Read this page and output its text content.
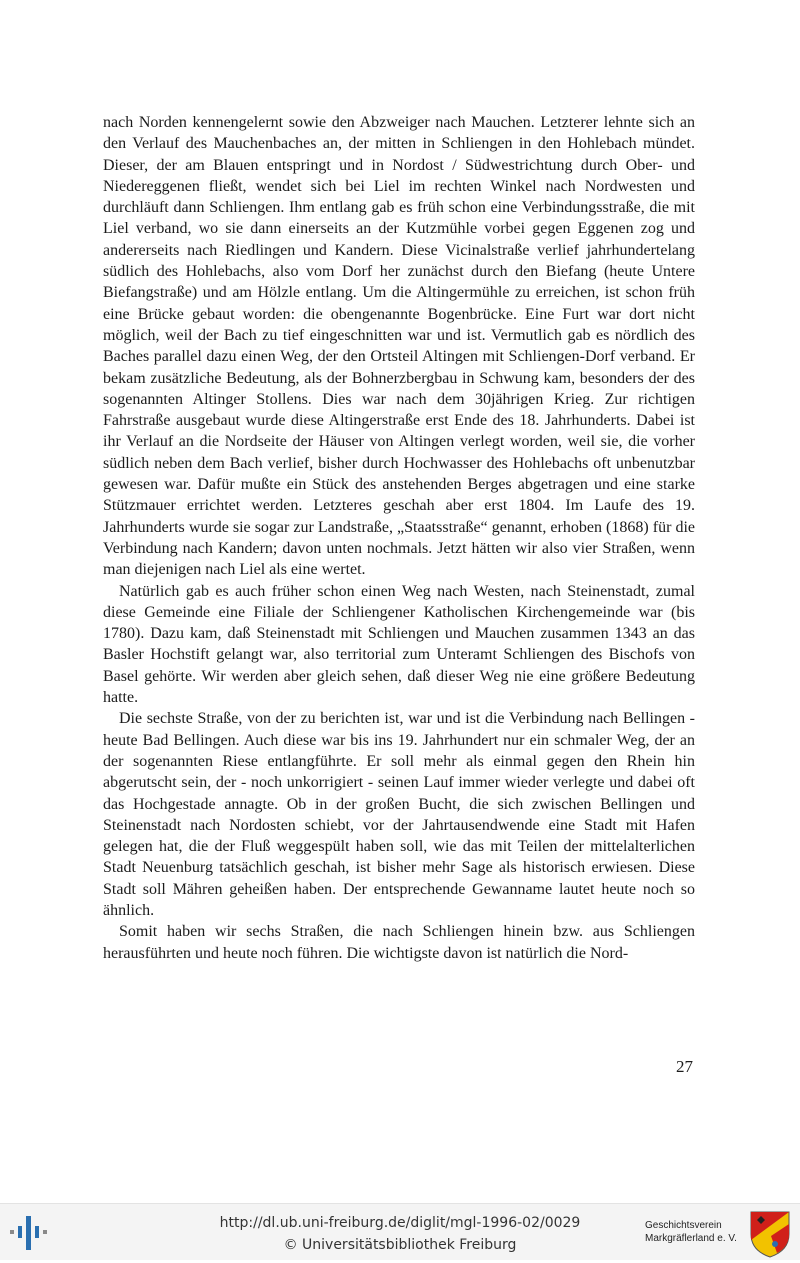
nach Norden kennengelernt sowie den Abzweiger nach Mauchen. Letzterer lehnte sich an den Verlauf des Mauchenbaches an, der mitten in Schliengen in den Hohlebach mündet. Dieser, der am Blauen entspringt und in Nordost / Südwestrichtung durch Ober- und Niedereggenen fließt, wendet sich bei Liel im rechten Winkel nach Nordwesten und durchläuft dann Schliengen. Ihm entlang gab es früh schon eine Verbindungsstraße, die mit Liel verband, wo sie dann einerseits an der Kutzmühle vorbei gegen Eggenen zog und andererseits nach Riedlingen und Kandern. Diese Vicinalstraße verlief jahrhundertelang südlich des Hohlebachs, also vom Dorf her zunächst durch den Biefang (heute Untere Biefangstraße) und am Hölzle entlang. Um die Altingermühle zu erreichen, ist schon früh eine Brücke gebaut worden: die obengenannte Bogenbrücke. Eine Furt war dort nicht möglich, weil der Bach zu tief eingeschnitten war und ist. Vermutlich gab es nördlich des Baches parallel dazu einen Weg, der den Ortsteil Altingen mit Schliengen-Dorf verband. Er bekam zusätzliche Bedeutung, als der Bohnerzbergbau in Schwung kam, besonders der des sogenannten Altinger Stollens. Dies war nach dem 30jährigen Krieg. Zur richtigen Fahrstraße ausgebaut wurde diese Altingerstraße erst Ende des 18. Jahrhunderts. Dabei ist ihr Verlauf an die Nordseite der Häuser von Altingen verlegt worden, weil sie, die vorher südlich neben dem Bach verlief, bisher durch Hochwasser des Hohlebachs oft unbenutzbar gewesen war. Dafür mußte ein Stück des anstehenden Berges abgetragen und eine starke Stützmauer errichtet werden. Letzteres geschah aber erst 1804. Im Laufe des 19. Jahrhunderts wurde sie sogar zur Landstraße, „Staatsstraße“ genannt, erhoben (1868) für die Verbindung nach Kandern; davon unten nochmals. Jetzt hätten wir also vier Straßen, wenn man diejenigen nach Liel als eine wertet.

Natürlich gab es auch früher schon einen Weg nach Westen, nach Steinenstadt, zumal diese Gemeinde eine Filiale der Schliengener Katholischen Kirchengemeinde war (bis 1780). Dazu kam, daß Steinenstadt mit Schliengen und Mauchen zusammen 1343 an das Basler Hochstift gelangt war, also territorial zum Unteramt Schliengen des Bischofs von Basel gehörte. Wir werden aber gleich sehen, daß dieser Weg nie eine größere Bedeutung hatte.

Die sechste Straße, von der zu berichten ist, war und ist die Verbindung nach Bellingen - heute Bad Bellingen. Auch diese war bis ins 19. Jahrhundert nur ein schmaler Weg, der an der sogenannten Riese entlangführte. Er soll mehr als einmal gegen den Rhein hin abgerutscht sein, der - noch unkorrigiert - seinen Lauf immer wieder verlegte und dabei oft das Hochgestade annagte. Ob in der großen Bucht, die sich zwischen Bellingen und Steinenstadt nach Nordosten schiebt, vor der Jahrtausendwende eine Stadt mit Hafen gelegen hat, die der Fluß weggespült haben soll, wie das mit Teilen der mittelalterlichen Stadt Neuenburg tatsächlich geschah, ist bisher mehr Sage als historisch erwiesen. Diese Stadt soll Mähren geheißen haben. Der entsprechende Gewanname lautet heute noch so ähnlich.

Somit haben wir sechs Straßen, die nach Schliengen hinein bzw. aus Schliengen herausführten und heute noch führen. Die wichtigste davon ist natürlich die Nord-

27
http://dl.ub.uni-freiburg.de/diglit/mgl-1996-02/0029
© Universitätsbibliothek Freiburg
Geschichtsverein
Markgräflerland e. V.
